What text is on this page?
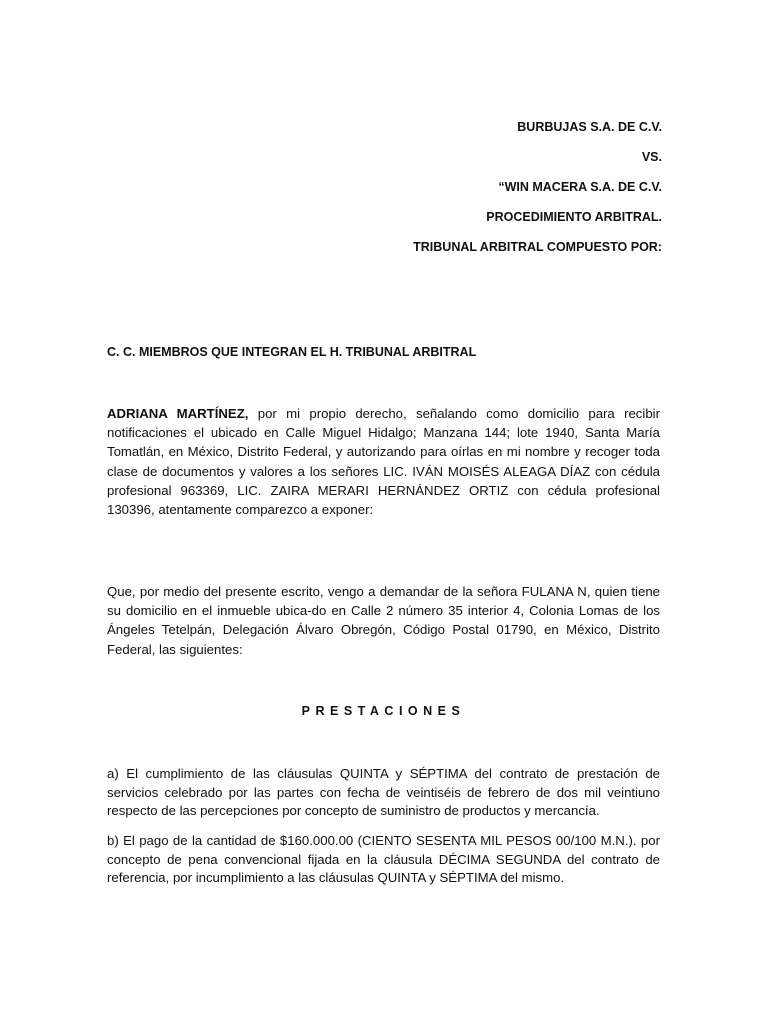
BURBUJAS S.A. DE C.V.

VS.

“WIN MACERA S.A. DE C.V.

PROCEDIMIENTO ARBITRAL.

TRIBUNAL ARBITRAL COMPUESTO POR:

C. C. MIEMBROS QUE INTEGRAN EL H. TRIBUNAL ARBITRAL

ADRIANA MARTÍNEZ, por mi propio derecho, señalando como domicilio para recibir notificaciones el ubicado en Calle Miguel Hidalgo; Manzana 144; lote 1940, Santa María Tomatlán, en México, Distrito Federal, y autorizando para oírlas en mi nombre y recoger toda clase de documentos y valores a los señores LIC. IVÁN MOISÉS ALEAGA DÍAZ con cédula profesional 963369, LIC. ZAIRA MERARI HERNÁNDEZ ORTIZ con cédula profesional 130396, atentamente comparezco a exponer:

Que, por medio del presente escrito, vengo a demandar de la señora FULANA N, quien tiene su domicilio en el inmueble ubica-do en Calle 2 número 35 interior 4, Colonia Lomas de los Ángeles Tetelpán, Delegación Álvaro Obregón, Código Postal 01790, en México, Distrito Federal, las siguientes:

PRESTACIONES

a) El cumplimiento de las cláusulas QUINTA y SÉPTIMA del contrato de prestación de servicios celebrado por las partes con fecha de veintiséis de febrero de dos mil veintiuno respecto de las percepciones por concepto de suministro de productos y mercancía.

b) El pago de la cantidad de $160.000.00 (CIENTO SESENTA MIL PESOS 00/100 M.N.). por concepto de pena convencional fijada en la cláusula DÉCIMA SEGUNDA del contrato de referencia, por incumplimiento a las cláusulas QUINTA y SÉPTIMA del mismo.
